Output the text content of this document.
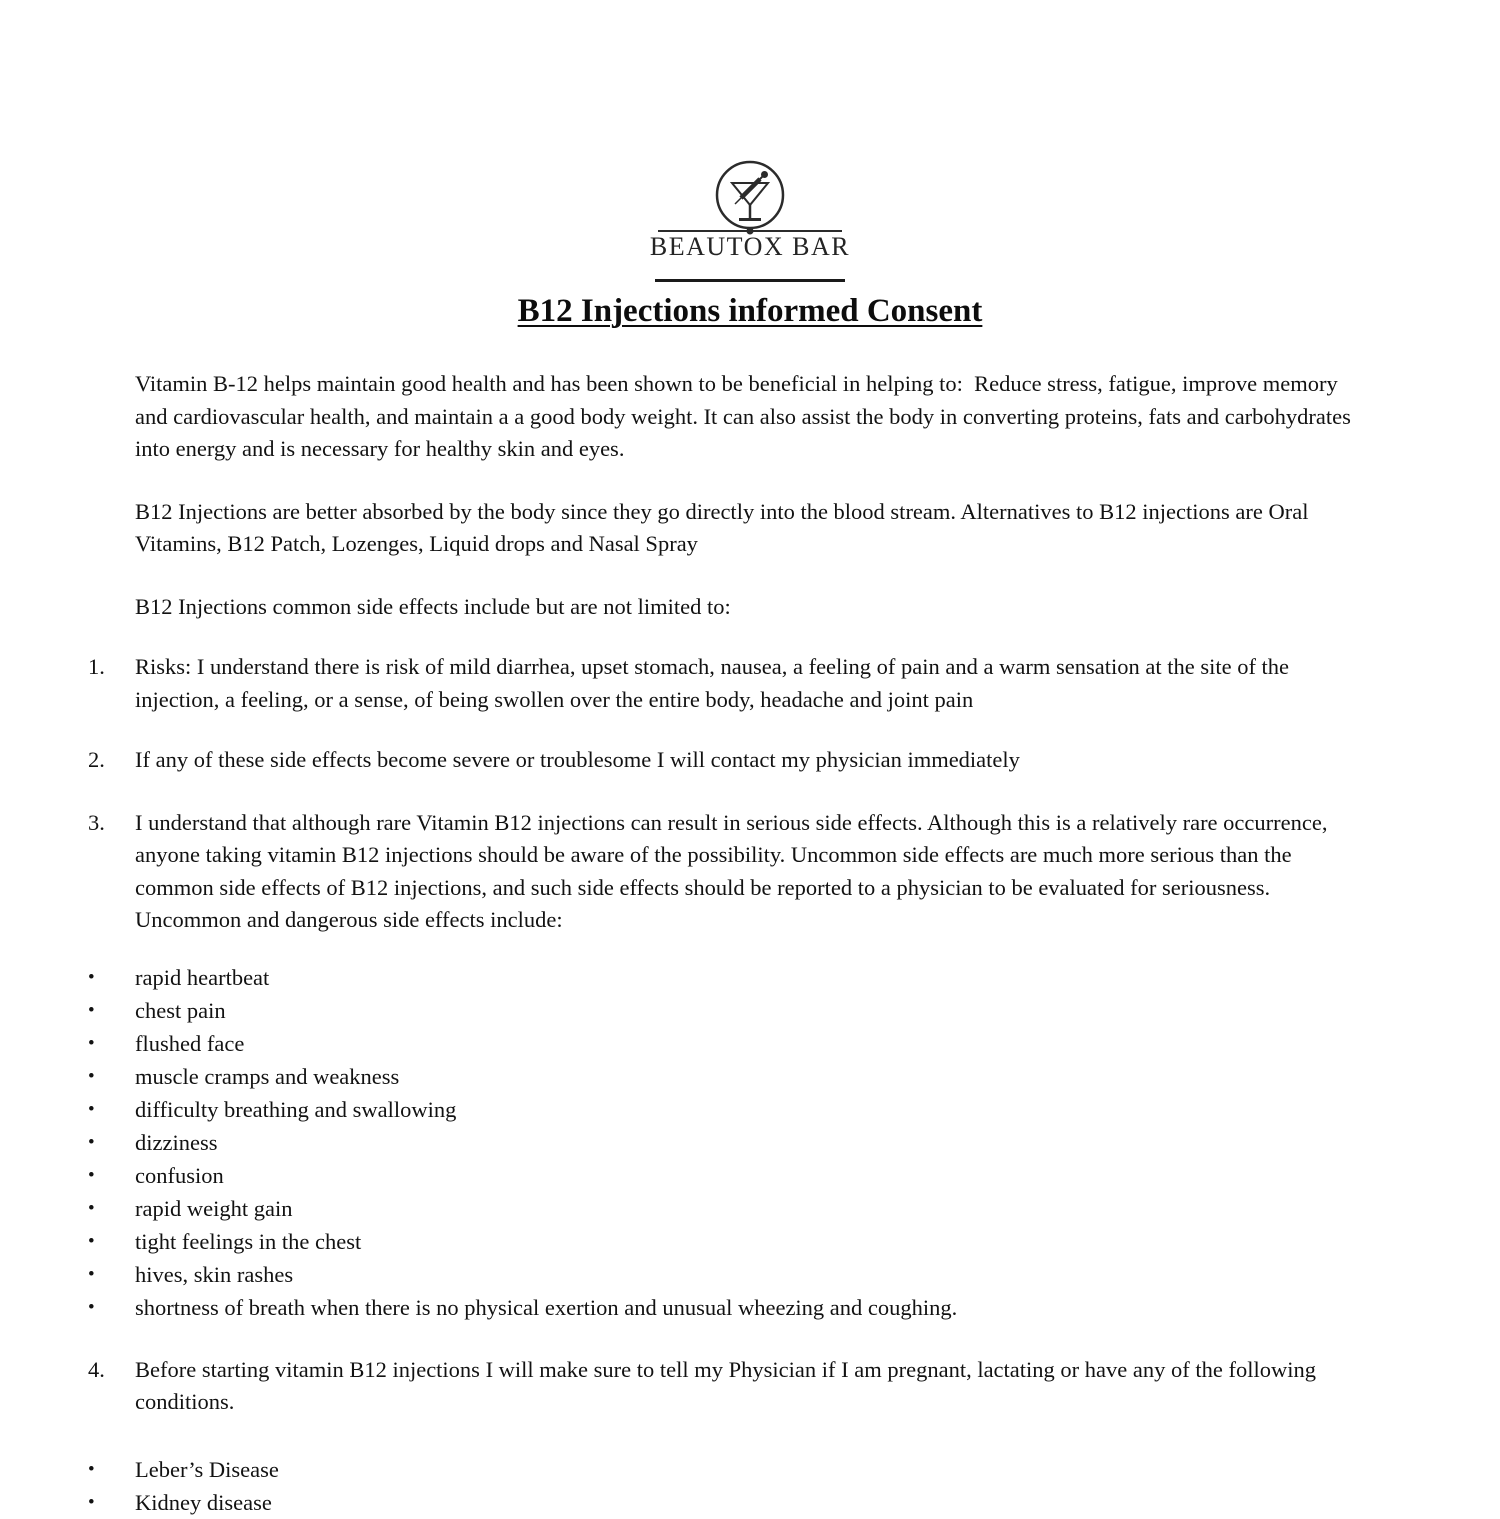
BEAUTOX BAR
B12 Injections informed Consent

Vitamin B-12 helps maintain good health and has been shown to be beneficial in helping to:  Reduce stress, fatigue, improve memory and cardiovascular health, and maintain a a good body weight. It can also assist the body in converting proteins, fats and carbohydrates into energy and is necessary for healthy skin and eyes.

B12 Injections are better absorbed by the body since they go directly into the blood stream. Alternatives to B12 injections are Oral Vitamins, B12 Patch, Lozenges, Liquid drops and Nasal Spray

B12 Injections common side effects include but are not limited to:

1.	Risks: I understand there is risk of mild diarrhea, upset stomach, nausea, a feeling of pain and a warm sensation at the site of the injection, a feeling, or a sense, of being swollen over the entire body, headache and joint pain
2.	If any of these side effects become severe or troublesome I will contact my physician immediately
3.	I understand that although rare Vitamin B12 injections can result in serious side effects. Although this is a relatively rare occurrence, anyone taking vitamin B12 injections should be aware of the possibility. Uncommon side effects are much more serious than the common side effects of B12 injections, and such side effects should be reported to a physician to be evaluated for seriousness. Uncommon and dangerous side effects include:
•	rapid heartbeat
•	chest pain
•	flushed face
•	muscle cramps and weakness
•	difficulty breathing and swallowing
•	dizziness
•	confusion
•	rapid weight gain
•	tight feelings in the chest
•	hives, skin rashes
•	shortness of breath when there is no physical exertion and unusual wheezing and coughing.
4.	Before starting vitamin B12 injections I will make sure to tell my Physician if I am pregnant, lactating or have any of the following conditions.
•	Leber’s Disease
•	Kidney disease
